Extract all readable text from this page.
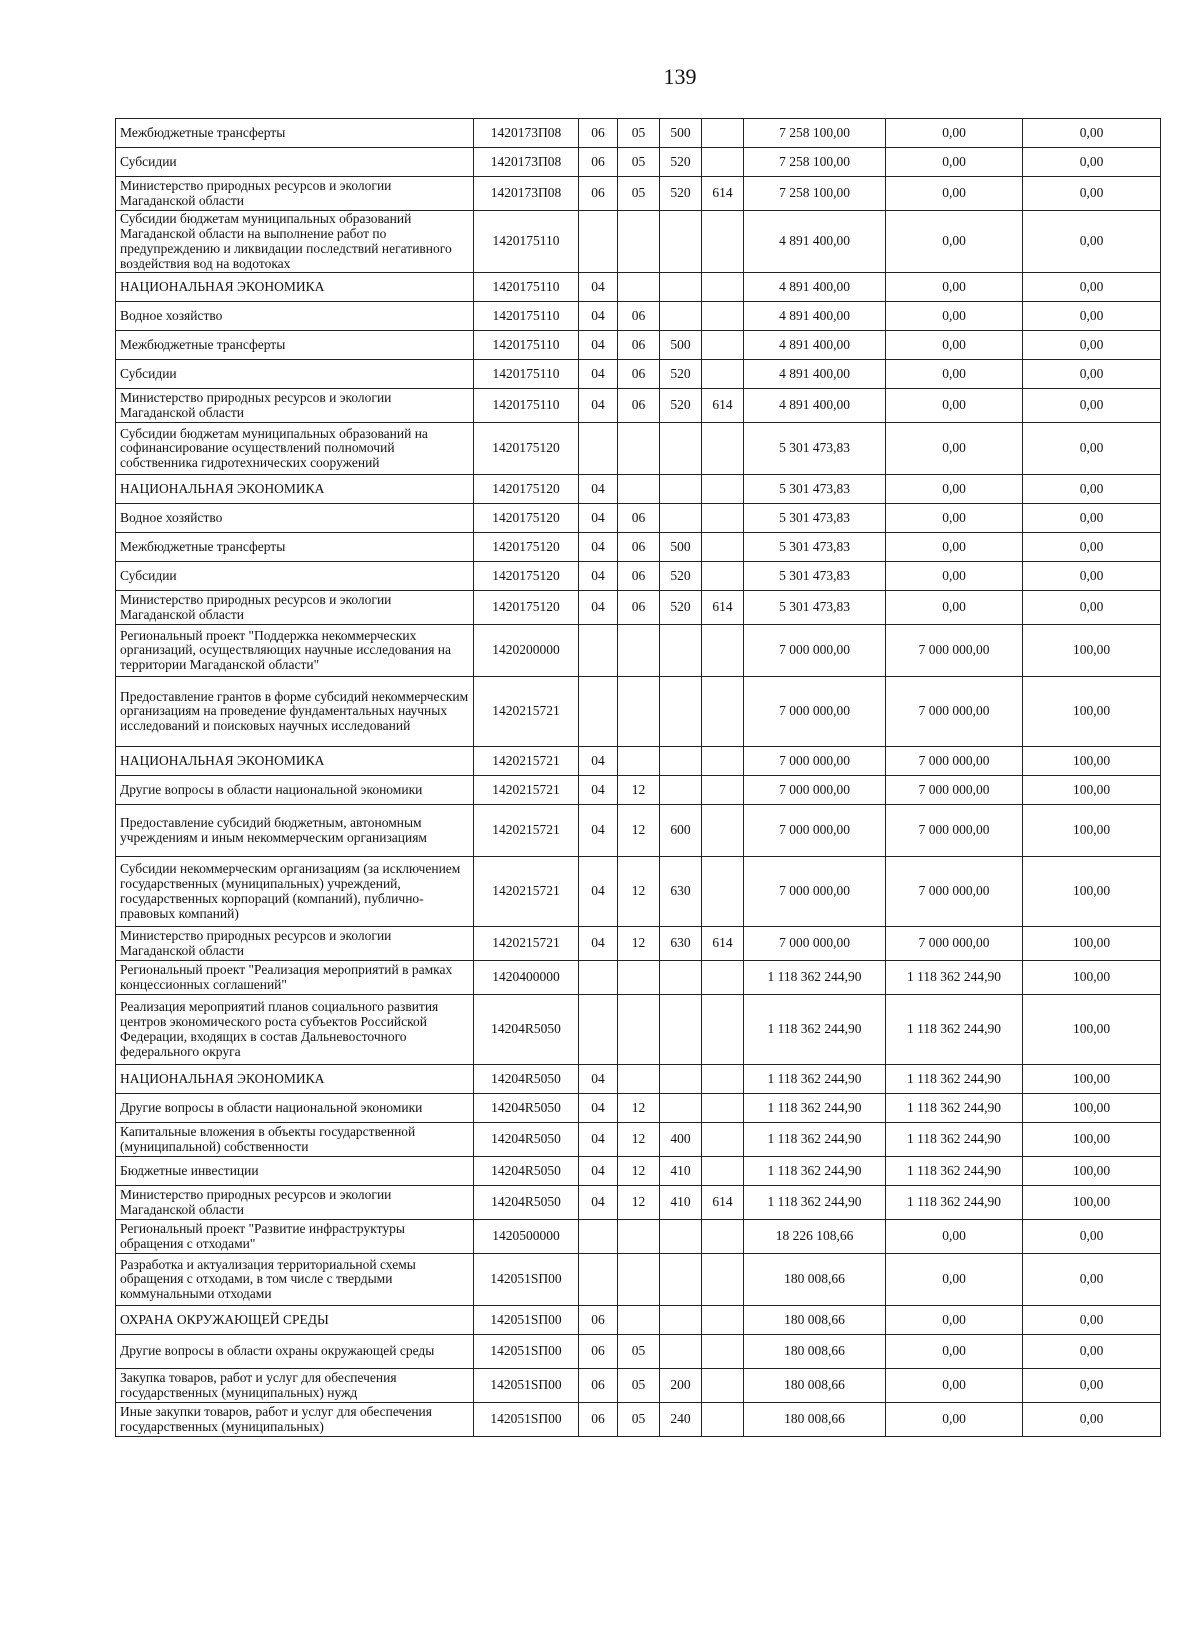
139
Межбюджетные трансферты	1420173П08	06	05	500		7 258 100,00	0,00	0,00
Субсидии	1420173П08	06	05	520		7 258 100,00	0,00	0,00
Министерство природных ресурсов и экологии Магаданской области	1420173П08	06	05	520	614	7 258 100,00	0,00	0,00
Субсидии бюджетам муниципальных образований Магаданской области на выполнение работ по предупреждению и ликвидации последствий негативного воздействия вод на водотоках	1420175110					4 891 400,00	0,00	0,00
НАЦИОНАЛЬНАЯ ЭКОНОМИКА	1420175110	04				4 891 400,00	0,00	0,00
Водное хозяйство	1420175110	04	06			4 891 400,00	0,00	0,00
Межбюджетные трансферты	1420175110	04	06	500		4 891 400,00	0,00	0,00
Субсидии	1420175110	04	06	520		4 891 400,00	0,00	0,00
Министерство природных ресурсов и экологии Магаданской области	1420175110	04	06	520	614	4 891 400,00	0,00	0,00
Субсидии бюджетам муниципальных образований на софинансирование осуществлений полномочий собственника гидротехнических сооружений	1420175120					5 301 473,83	0,00	0,00
НАЦИОНАЛЬНАЯ ЭКОНОМИКА	1420175120	04				5 301 473,83	0,00	0,00
Водное хозяйство	1420175120	04	06			5 301 473,83	0,00	0,00
Межбюджетные трансферты	1420175120	04	06	500		5 301 473,83	0,00	0,00
Субсидии	1420175120	04	06	520		5 301 473,83	0,00	0,00
Министерство природных ресурсов и экологии Магаданской области	1420175120	04	06	520	614	5 301 473,83	0,00	0,00
Региональный проект "Поддержка некоммерческих организаций, осуществляющих научные исследования на территории Магаданской области"	1420200000					7 000 000,00	7 000 000,00	100,00
Предоставление грантов в форме субсидий некоммерческим организациям на проведение фундаментальных научных исследований и поисковых научных исследований	1420215721					7 000 000,00	7 000 000,00	100,00
НАЦИОНАЛЬНАЯ ЭКОНОМИКА	1420215721	04				7 000 000,00	7 000 000,00	100,00
Другие вопросы в области национальной экономики	1420215721	04	12			7 000 000,00	7 000 000,00	100,00
Предоставление субсидий бюджетным, автономным учреждениям и иным некоммерческим организациям	1420215721	04	12	600		7 000 000,00	7 000 000,00	100,00
Субсидии некоммерческим организациям (за исключением государственных (муниципальных) учреждений, государственных корпораций (компаний), публично-правовых компаний)	1420215721	04	12	630		7 000 000,00	7 000 000,00	100,00
Министерство природных ресурсов и экологии Магаданской области	1420215721	04	12	630	614	7 000 000,00	7 000 000,00	100,00
Региональный проект "Реализация мероприятий в рамках концессионных соглашений"	1420400000					1 118 362 244,90	1 118 362 244,90	100,00
Реализация мероприятий планов социального развития центров экономического роста субъектов Российской Федерации, входящих в состав Дальневосточного федерального округа	14204R5050					1 118 362 244,90	1 118 362 244,90	100,00
НАЦИОНАЛЬНАЯ ЭКОНОМИКА	14204R5050	04				1 118 362 244,90	1 118 362 244,90	100,00
Другие вопросы в области национальной экономики	14204R5050	04	12			1 118 362 244,90	1 118 362 244,90	100,00
Капитальные вложения в объекты государственной (муниципальной) собственности	14204R5050	04	12	400		1 118 362 244,90	1 118 362 244,90	100,00
Бюджетные инвестиции	14204R5050	04	12	410		1 118 362 244,90	1 118 362 244,90	100,00
Министерство природных ресурсов и экологии Магаданской области	14204R5050	04	12	410	614	1 118 362 244,90	1 118 362 244,90	100,00
Региональный проект "Развитие инфраструктуры обращения с отходами"	1420500000					18 226 108,66	0,00	0,00
Разработка и актуализация территориальной схемы обращения с отходами, в том числе с твердыми коммунальными отходами	142051SП00					180 008,66	0,00	0,00
ОХРАНА ОКРУЖАЮЩЕЙ СРЕДЫ	142051SП00	06				180 008,66	0,00	0,00
Другие вопросы в области охраны окружающей среды	142051SП00	06	05			180 008,66	0,00	0,00
Закупка товаров, работ и услуг для обеспечения государственных (муниципальных) нужд	142051SП00	06	05	200		180 008,66	0,00	0,00
Иные закупки товаров, работ и услуг для обеспечения государственных (муниципальных)	142051SП00	06	05	240		180 008,66	0,00	0,00
